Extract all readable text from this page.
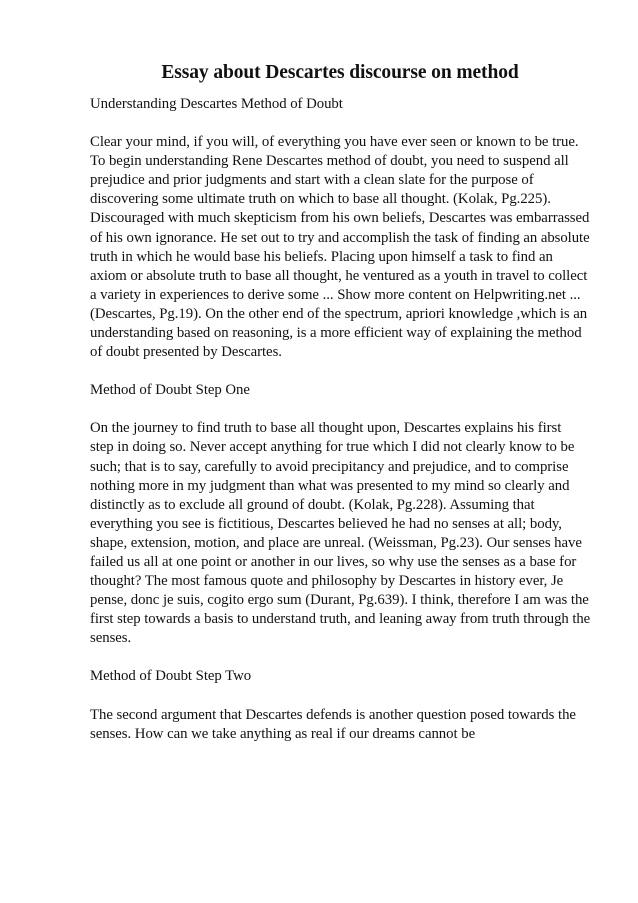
Essay about Descartes discourse on method
Understanding Descartes Method of Doubt
Clear your mind, if you will, of everything you have ever seen or known to be true.
To begin understanding Rene Descartes method of doubt, you need to suspend all
prejudice and prior judgments and start with a clean slate for the purpose of
discovering some ultimate truth on which to base all thought. (Kolak, Pg.225).
Discouraged with much skepticism from his own beliefs, Descartes was embarrassed
of his own ignorance. He set out to try and accomplish the task of finding an absolute
truth in which he would base his beliefs. Placing upon himself a task to find an
axiom or absolute truth to base all thought, he ventured as a youth in travel to collect
a variety in experiences to derive some ... Show more content on Helpwriting.net ...
(Descartes, Pg.19). On the other end of the spectrum, apriori knowledge ,which is an
understanding based on reasoning, is a more efficient way of explaining the method
of doubt presented by Descartes.
Method of Doubt Step One
On the journey to find truth to base all thought upon, Descartes explains his first
step in doing so. Never accept anything for true which I did not clearly know to be
such; that is to say, carefully to avoid precipitancy and prejudice, and to comprise
nothing more in my judgment than what was presented to my mind so clearly and
distinctly as to exclude all ground of doubt. (Kolak, Pg.228). Assuming that
everything you see is fictitious, Descartes believed he had no senses at all; body,
shape, extension, motion, and place are unreal. (Weissman, Pg.23). Our senses have
failed us all at one point or another in our lives, so why use the senses as a base for
thought? The most famous quote and philosophy by Descartes in history ever, Je
pense, donc je suis, cogito ergo sum (Durant, Pg.639). I think, therefore I am was the
first step towards a basis to understand truth, and leaning away from truth through the
senses.
Method of Doubt Step Two
The second argument that Descartes defends is another question posed towards the
senses. How can we take anything as real if our dreams cannot be
